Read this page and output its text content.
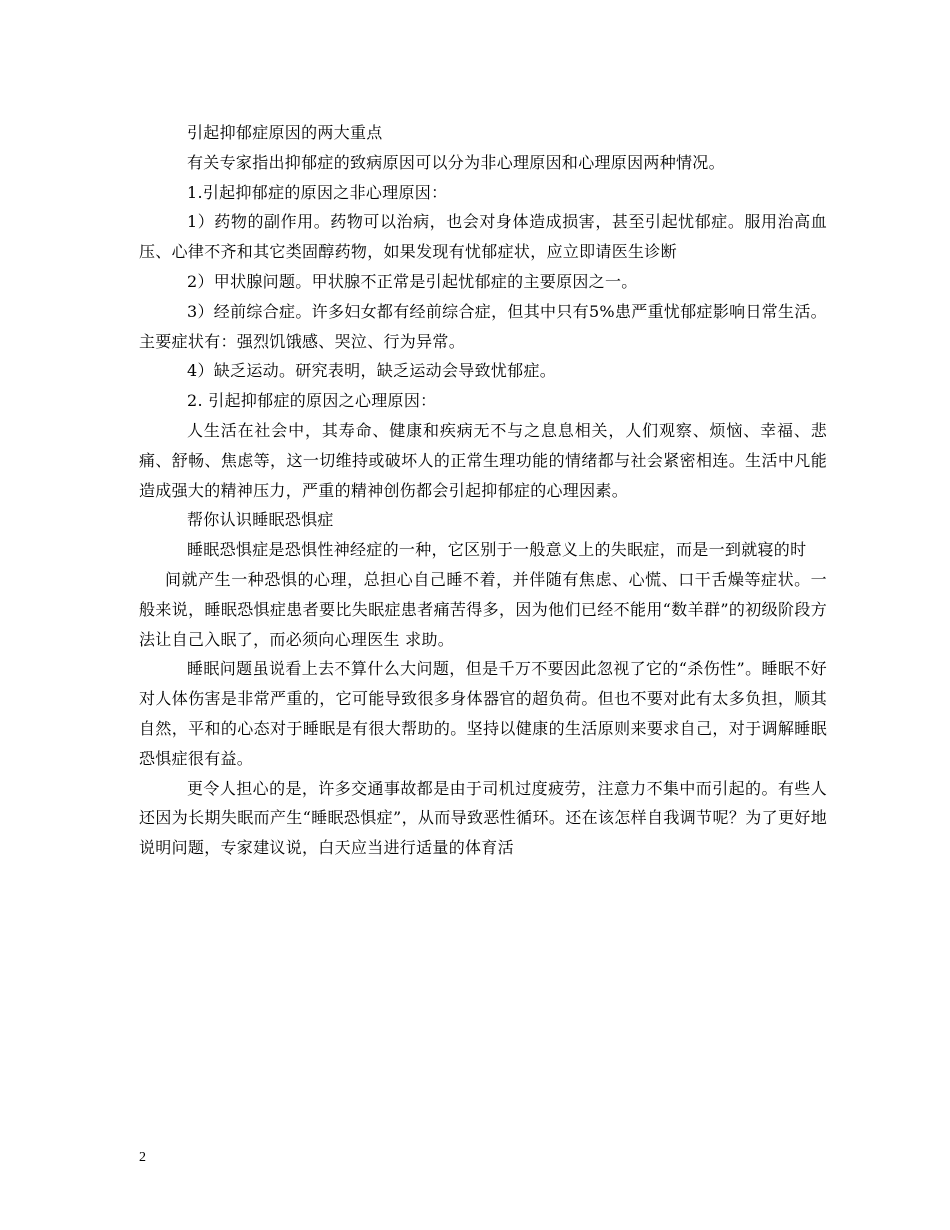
引起抑郁症原因的两大重点

有关专家指出抑郁症的致病原因可以分为非心理原因和心理原因两种情况。

1.引起抑郁症的原因之非心理原因：

1）药物的副作用。药物可以治病，也会对身体造成损害，甚至引起忧郁症。服用治高血压、心律不齐和其它类固醇药物，如果发现有忧郁症状，应立即请医生诊断

2）甲状腺问题。甲状腺不正常是引起忧郁症的主要原因之一。

3）经前综合症。许多妇女都有经前综合症，但其中只有5%患严重忧郁症影响日常生活。主要症状有：强烈饥饿感、哭泣、行为异常。

4）缺乏运动。研究表明，缺乏运动会导致忧郁症。

2. 引起抑郁症的原因之心理原因：

人生活在社会中，其寿命、健康和疾病无不与之息息相关，人们观察、烦恼、幸福、悲痛、舒畅、焦虑等，这一切维持或破坏人的正常生理功能的情绪都与社会紧密相连。生活中凡能造成强大的精神压力，严重的精神创伤都会引起抑郁症的心理因素。

帮你认识睡眠恐惧症

睡眠恐惧症是恐惧性神经症的一种，它区别于一般意义上的失眠症，而是一到就寝的时

间就产生一种恐惧的心理，总担心自己睡不着，并伴随有焦虑、心慌、口干舌燥等症状。一般来说，睡眠恐惧症患者要比失眠症患者痛苦得多，因为他们已经不能用“数羊群”的初级阶段方法让自己入眠了，而必须向心理医生 求助。

睡眠问题虽说看上去不算什么大问题，但是千万不要因此忽视了它的“杀伤性”。睡眠不好对人体伤害是非常严重的，它可能导致很多身体器官的超负荷。但也不要对此有太多负担，顺其自然，平和的心态对于睡眠是有很大帮助的。坚持以健康的生活原则来要求自己，对于调解睡眠恐惧症很有益。

更令人担心的是，许多交通事故都是由于司机过度疲劳，注意力不集中而引起的。有些人还因为长期失眠而产生“睡眠恐惧症”，从而导致恶性循环。还在该怎样自我调节呢？为了更好地说明问题，专家建议说，白天应当进行适量的体育活

2
